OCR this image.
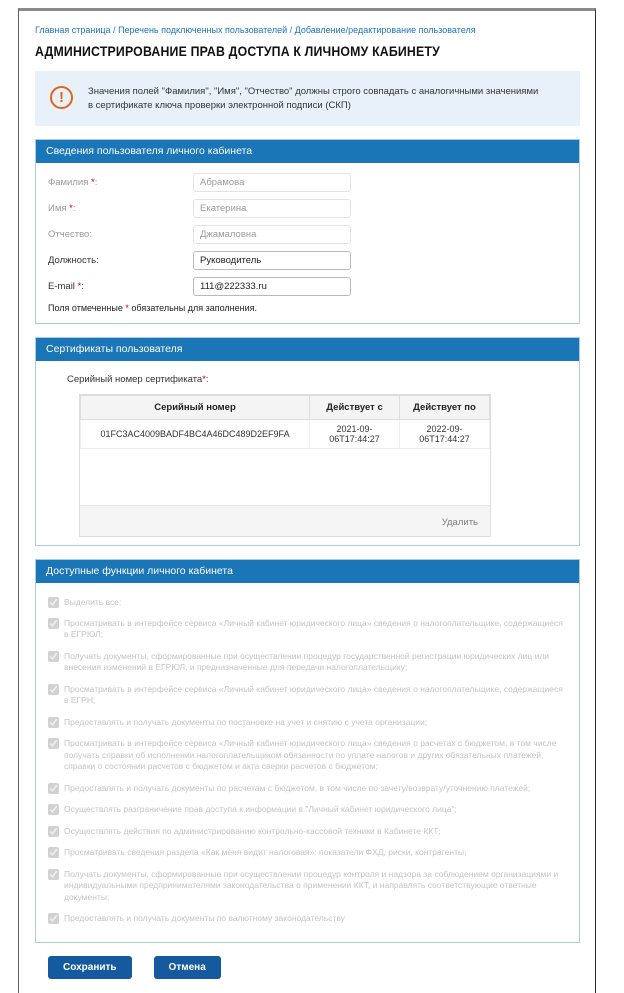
Главная страница / Перечень подключенных пользователей / Добавление/редактирование пользователя
АДМИНИСТРИРОВАНИЕ ПРАВ ДОСТУПА К ЛИЧНОМУ КАБИНЕТУ
!	Значения полей "Фамилия", "Имя", "Отчество" должны строго совпадать с аналогичными значениями в сертификате ключа проверки электронной подписи (СКП)
Сведения пользователя личного кабинета
Фамилия *:
Абрамова
Имя *:
Екатерина
Отчество:
Джамаловна
Должность:
Руководитель
E-mail *:
111@222333.ru
Поля отмеченные * обязательны для заполнения.
Сертификаты пользователя
Серийный номер сертификата*:
Серийный номер	Действует с	Действует по
01FC3AC4009BADF4BC4A46DC489D2EF9FA	2021-09-06T17:44:27	2022-09-06T17:44:27
Удалить
Доступные функции личного кабинета
Выделить все:
Просматривать в интерфейсе сервиса «Личный кабинет юридического лица» сведения о налогоплательщике, содержащиеся в ЕГРЮЛ;
Получать документы, сформированные при осуществлении процедур государственной регистрации юридических лиц или внесения изменений в ЕГРЮЛ, и предназначенные для передачи налогоплательщику;
Просматривать в интерфейсе сервиса «Личный кабинет юридического лица» сведения о налогоплательщике, содержащиеся в ЕГРН;
Предоставлять и получать документы по постановке на учет и снятию с учета организации;
Просматривать в интерфейсе сервиса «Личный кабинет юридического лица» сведения о расчетах с бюджетом, в том числе получать справки об исполнении налогоплательщиком обязанности по уплате налогов и других обязательных платежей, справки о состоянии расчетов с бюджетом и акта сверки расчетов с бюджетом;
Предоставлять и получать документы по расчетам с бюджетом, в том числе по зачету/возврату/уточнению платежей;
Осуществлять разграничение прав доступа к информации в "Личный кабинет юридического лица";
Осуществлять действия по администрированию контрольно-кассовой техники в Кабинете ККТ;
Просматривать сведения раздела «Как меня видит налоговая»: показатели ФХД, риски, контрагенты;
Получать документы, сформированные при осуществлении процедур контроля и надзора за соблюдением организациями и индивидуальными предпринимателями законодательства о применении ККТ, и направлять соответствующие ответные документы;
Предоставлять и получать документы по валютному законодательству
Сохранить	Отмена
